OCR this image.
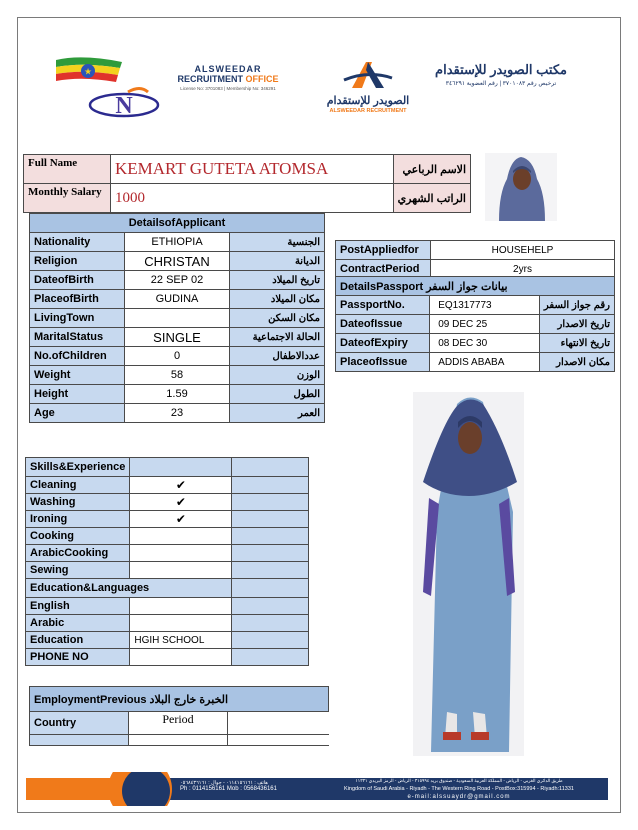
★
N
ALSWEEDAR
RECRUITMENT OFFICE
License No: 3701083 | Membership No: 346291
الصويدر للإستقدام
ALSWEEDAR RECRUITMENT
مكتب الصويدر للإستقدام
ترخيص رقم ٣٧٠١٠٨٣ | رقم العضوية ٣٤٦٢٩١
Full Name	KEMART GUTETA ATOMSA	الاسم الرباعي
Monthly Salary	1000	الراتب الشهري
DetailsofApplicant		
Nationality	ETHIOPIA	الجنسية
Religion	CHRISTAN	الديانة
DateofBirth	22 SEP 02	تاريخ الميلاد
PlaceofBirth	GUDINA	مكان الميلاد
LivingTown		مكان السكن
MaritalStatus	SINGLE	الحالة الاجتماعية
No.ofChildren	0	عددالاطفال
Weight	58	الوزن
Height	1.59	الطول
Age	23	العمر
PostAppliedfor	HOUSEHELP
ContractPeriod	2yrs
DetailsPassport بيانات جواز السفر		
PassportNo.	EQ1317773	رقم جواز السفر
DateofIssue	09 DEC 25	تاريخ الاصدار
DateofExpiry	08 DEC 30	تاريخ الانتهاء
PlaceofIssue	ADDIS ABABA	مكان الاصدار
Skills&Experience		
Cleaning	✔	
Washing	✔	
Ironing	✔	
Cooking		
ArabicCooking		
Sewing		
Education&Languages		
English		
Arabic		
Education	HGIH SCHOOL	
PHONE NO		
EmploymentPrevious الخبرة خارج البلاد		
Country	Period	

هاتف : ٠١١٤١٥٦١٦١ - جوال : ٠٥٦٨٤٣٦١٦١
Ph : 0114156161 Mob : 0568436161
طريق الدائري الغربي - الرياض - المملكة العربية السعودية - صندوق بريد ٣١٥٩٩٤ - الرياض - الرمز البريدي ١١٣٣١
Kingdom of Saudi Arabia - Riyadh - The Western Ring Road - PostBox:315994 - Riyadh:11331
e-mail:alssuaydr@gmail.com
